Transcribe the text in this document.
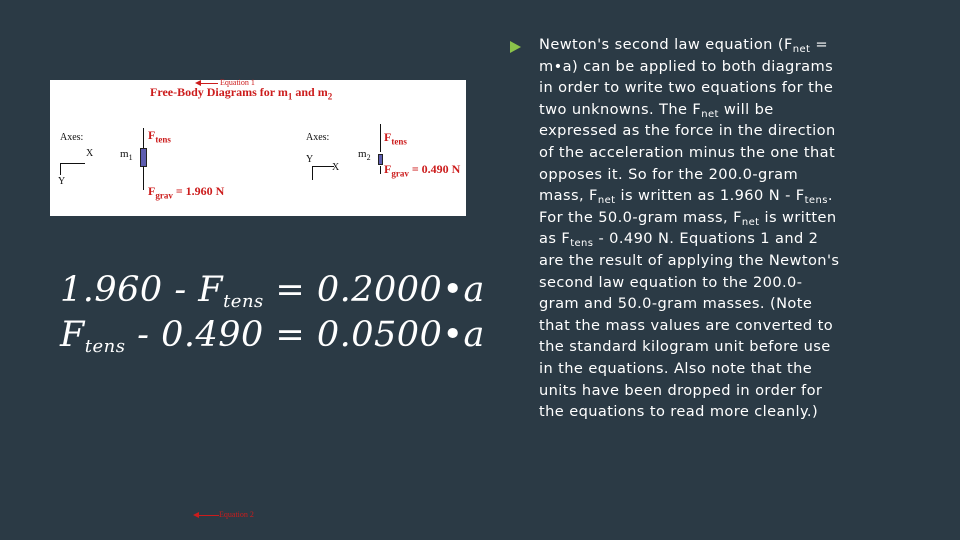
Equation 1
Free-Body Diagrams for $m_1$ and $m_2$
Axes:
X
Y
$m_1$
$F_{tens}$
$F_{grav} = 1.960$ N
Axes:
Y
X
$m_2$
$F_{tens}$
$F_{grav} = 0.490$ N
$1.960 - F_{tens}$ = 0.2000•a
$F_{tens} - 0.490$ = 0.0500•a
Equation 2
Newton's second law equation ($F_{net}$ = m•a) can be applied to both diagrams in order to write two equations for the two unknowns. The $F_{net}$ will be expressed as the force in the direction of the acceleration minus the one that opposes it. So for the 200.0-gram mass, $F_{net}$ is written as 1.960 N - $F_{tens}$. For the 50.0-gram mass, $F_{net}$ is written as $F_{tens} - 0.490$ N. Equations 1 and 2 are the result of applying the Newton's second law equation to the 200.0-gram and 50.0-gram masses. (Note that the mass values are converted to the standard kilogram unit before use in the equations. Also note that the units have been dropped in order for the equations to read more cleanly.)
